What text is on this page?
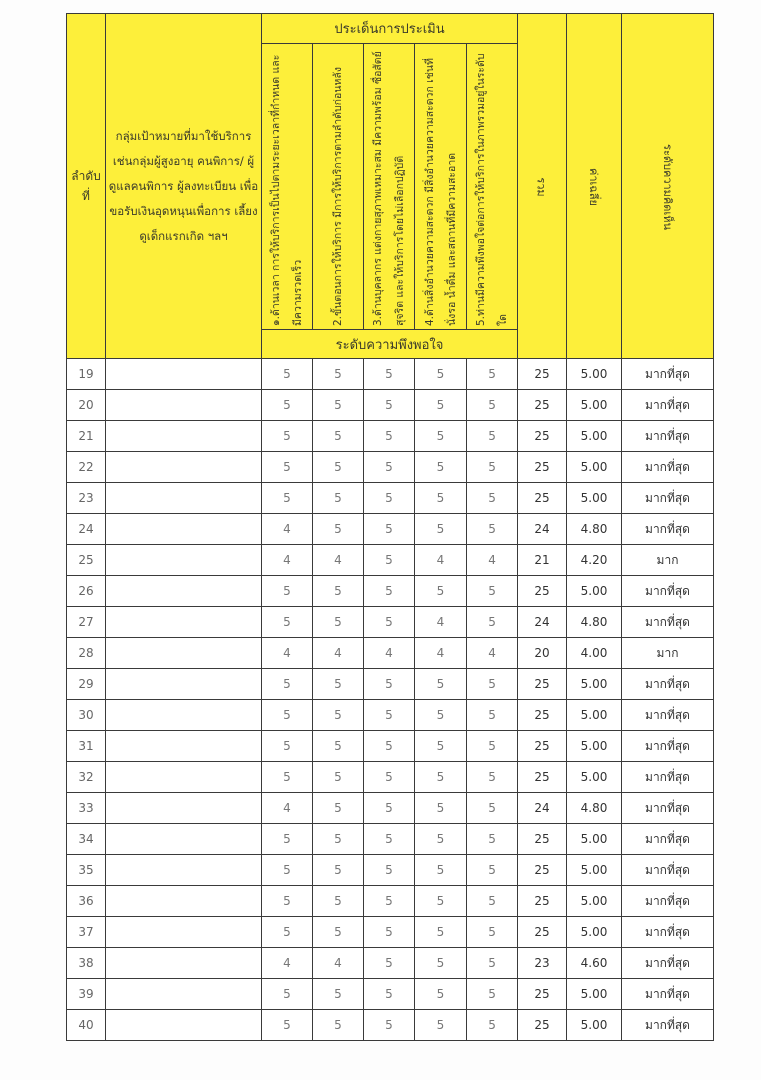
ลำดับ ที่	กลุ่มเป้าหมายที่มาใช้บริการ เช่นกลุ่มผู้สูงอายุ คนพิการ/ ผู้ดูแลคนพิการ ผู้ลงทะเบียน เพื่อขอรับเงินอุดหนุนเพื่อการ เลี้ยงดูเด็กแรกเกิด ฯลฯ	ประเด็นการประเมิน					รวม	ค่าเฉลี่ย	ระดับความคิดเห็น

		๑.ด้านเวลา การให้บริการเป็นไปตามระยะเวลาที่กำหนด และมีความรวดเร็ว	2.ขั้นตอนการให้บริการ มีการให้บริการตามลำดับก่อนหลัง	3.ด้านบุคลากร แต่งกายสุภาพเหมาะสม มีความพร้อม ซื่อสัตย์สุจริต และให้บริการโดยไม่เลือกปฏิบัติ	4.ด้านสิ่งอำนวยความสะดวก มีสิ่งอำนวยความสะดวก เช่นที่นั่งรอ น้ำดื่ม และสถานที่มีความสะอาด	5.ท่านมีความพึงพอใจต่อการให้บริการในภาพรวมอยู่ในระดับใด			

		ระดับความพึงพอใจ							
19		5	5	5	5	5	25	5.00	มากที่สุด
20		5	5	5	5	5	25	5.00	มากที่สุด
21		5	5	5	5	5	25	5.00	มากที่สุด
22		5	5	5	5	5	25	5.00	มากที่สุด
23		5	5	5	5	5	25	5.00	มากที่สุด
24		4	5	5	5	5	24	4.80	มากที่สุด
25		4	4	5	4	4	21	4.20	มาก
26		5	5	5	5	5	25	5.00	มากที่สุด
27		5	5	5	4	5	24	4.80	มากที่สุด
28		4	4	4	4	4	20	4.00	มาก
29		5	5	5	5	5	25	5.00	มากที่สุด
30		5	5	5	5	5	25	5.00	มากที่สุด
31		5	5	5	5	5	25	5.00	มากที่สุด
32		5	5	5	5	5	25	5.00	มากที่สุด
33		4	5	5	5	5	24	4.80	มากที่สุด
34		5	5	5	5	5	25	5.00	มากที่สุด
35		5	5	5	5	5	25	5.00	มากที่สุด
36		5	5	5	5	5	25	5.00	มากที่สุด
37		5	5	5	5	5	25	5.00	มากที่สุด
38		4	4	5	5	5	23	4.60	มากที่สุด
39		5	5	5	5	5	25	5.00	มากที่สุด
40		5	5	5	5	5	25	5.00	มากที่สุด
